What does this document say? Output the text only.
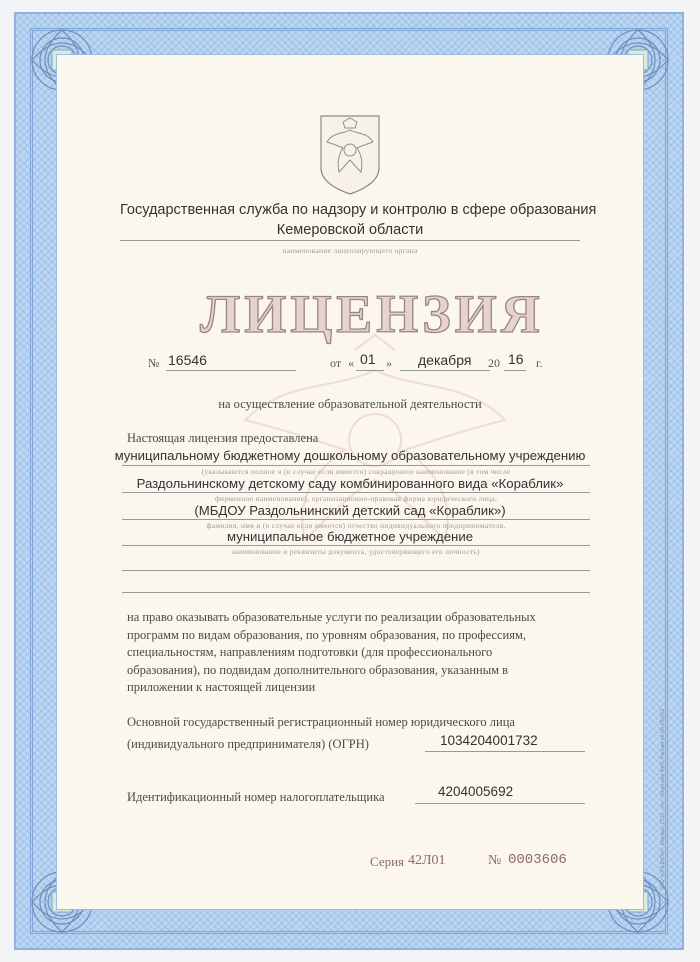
Государственная служба по надзору и контролю в сфере образования
Кемеровской области
наименование лицензирующего органа
ЛИЦЕНЗИЯ
№ 16546	от « 01 » декабря 20 16 г.
на осуществление образовательной деятельности
Настоящая лицензия предоставлена
муниципальному бюджетному дошкольному образовательному учреждению
(указываются полное и (в случае если имеется) сокращенное наименование (в том числе
Раздольнинскому детскому саду комбинированного вида «Кораблик»
фирменное наименование), организационно-правовая форма юридического лица,
(МБДОУ Раздольнинский детский сад «Кораблик»)
фамилия, имя и (в случае если имеется) отчество индивидуального предпринимателя,
муниципальное бюджетное учреждение
наименование и реквизиты документа, удостоверяющего его личность)
на право оказывать образовательные услуги по реализации образовательных
программ по видам образования, по уровням образования, по профессиям,
специальностям, направлениям подготовки (для профессионального
образования), по подвидам дополнительного образования, указанным в
приложении к настоящей лицензии
Основной государственный регистрационный номер юридического лица
(индивидуального предпринимателя) (ОГРН)	1034204001732
Идентификационный номер налогоплательщика	4204005692
Серия 42Л01	№ 0003606	ЗАО «ОПЦИОН», Москва, 2015, «А», Лицензия ФНС России № 05-05/163
